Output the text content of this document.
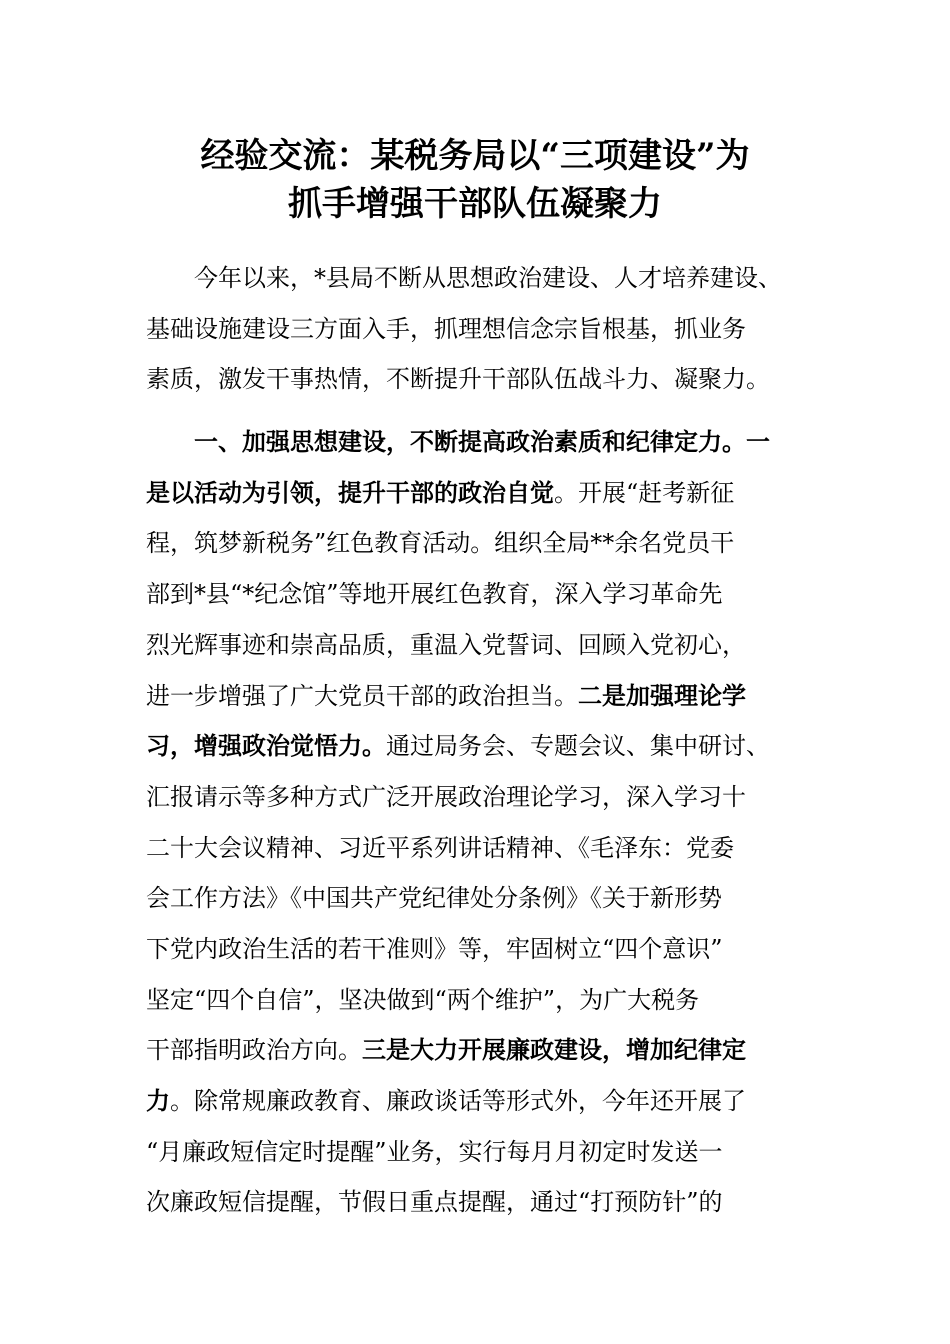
经验交流：某税务局以“三项建设”为
抓手增强干部队伍凝聚力
　　今年以来，*县局不断从思想政治建设、人才培养建设、
基础设施建设三方面入手，抓理想信念宗旨根基，抓业务
素质，激发干事热情，不断提升干部队伍战斗力、凝聚力。
　　一、加强思想建设，不断提高政治素质和纪律定力。一
是以活动为引领，提升干部的政治自觉。开展“赶考新征
程，筑梦新税务”红色教育活动。组织全局**余名党员干
部到*县“*纪念馆”等地开展红色教育，深入学习革命先
烈光辉事迹和崇高品质，重温入党誓词、回顾入党初心，
进一步增强了广大党员干部的政治担当。二是加强理论学
习，增强政治觉悟力。通过局务会、专题会议、集中研讨、
汇报请示等多种方式广泛开展政治理论学习，深入学习十
二十大会议精神、习近平系列讲话精神、《毛泽东：党委
会工作方法》《中国共产党纪律处分条例》《关于新形势
下党内政治生活的若干准则》等，牢固树立“四个意识”
坚定“四个自信”，坚决做到“两个维护”，为广大税务
干部指明政治方向。三是大力开展廉政建设，增加纪律定
力。除常规廉政教育、廉政谈话等形式外，今年还开展了
“月廉政短信定时提醒”业务，实行每月月初定时发送一
次廉政短信提醒，节假日重点提醒，通过“打预防针”的
